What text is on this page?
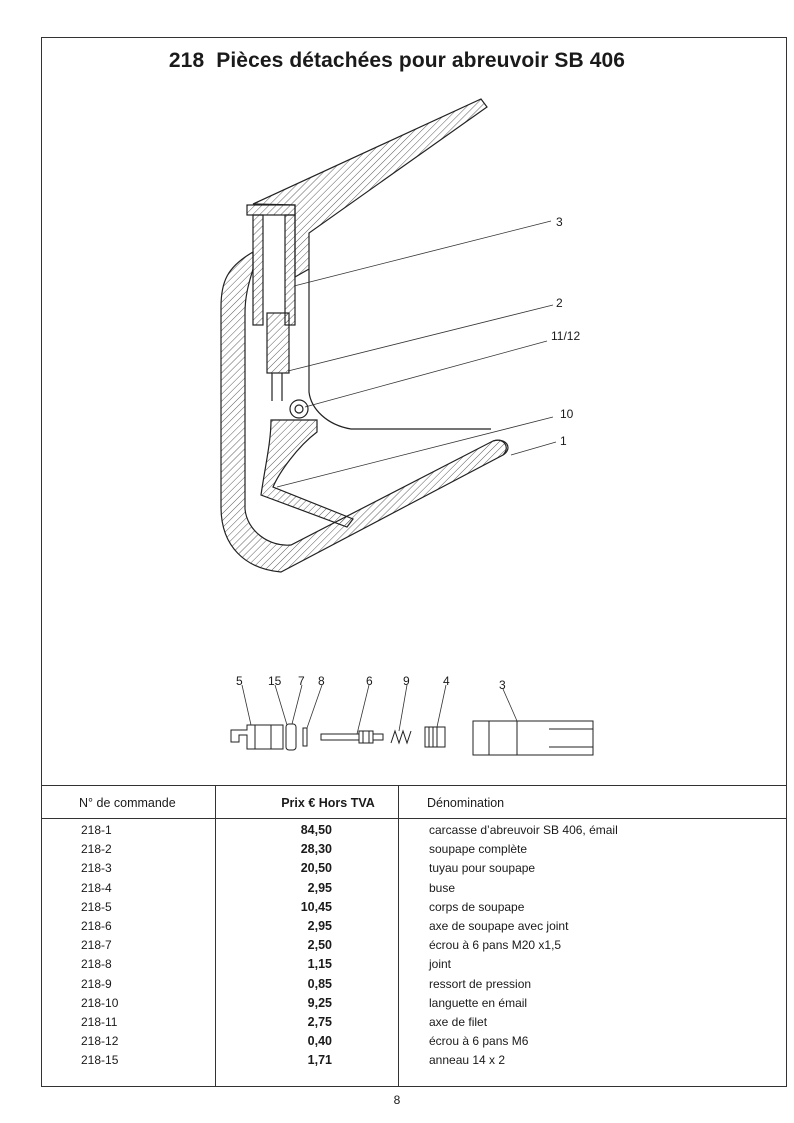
218 Pièces détachées pour abreuvoir SB 406
3
2
11/12
10
1
5 15 7 8	6	9	4	3
N° de commande	Prix € Hors TVA	Dénomination
218-1	84,50	carcasse d’abreuvoir SB 406, émail
218-2	28,30	soupape complète
218-3	20,50	tuyau pour soupape
218-4	2,95	buse
218-5	10,45	corps de soupape
218-6	2,95	axe de soupape avec joint
218-7	2,50	écrou à 6 pans M20 x1,5
218-8	1,15	joint
218-9	0,85	ressort de pression
218-10	9,25	languette en émail
218-11	2,75	axe de filet
218-12	0,40	écrou à 6 pans M6
218-15	1,71	anneau 14 x 2
8
